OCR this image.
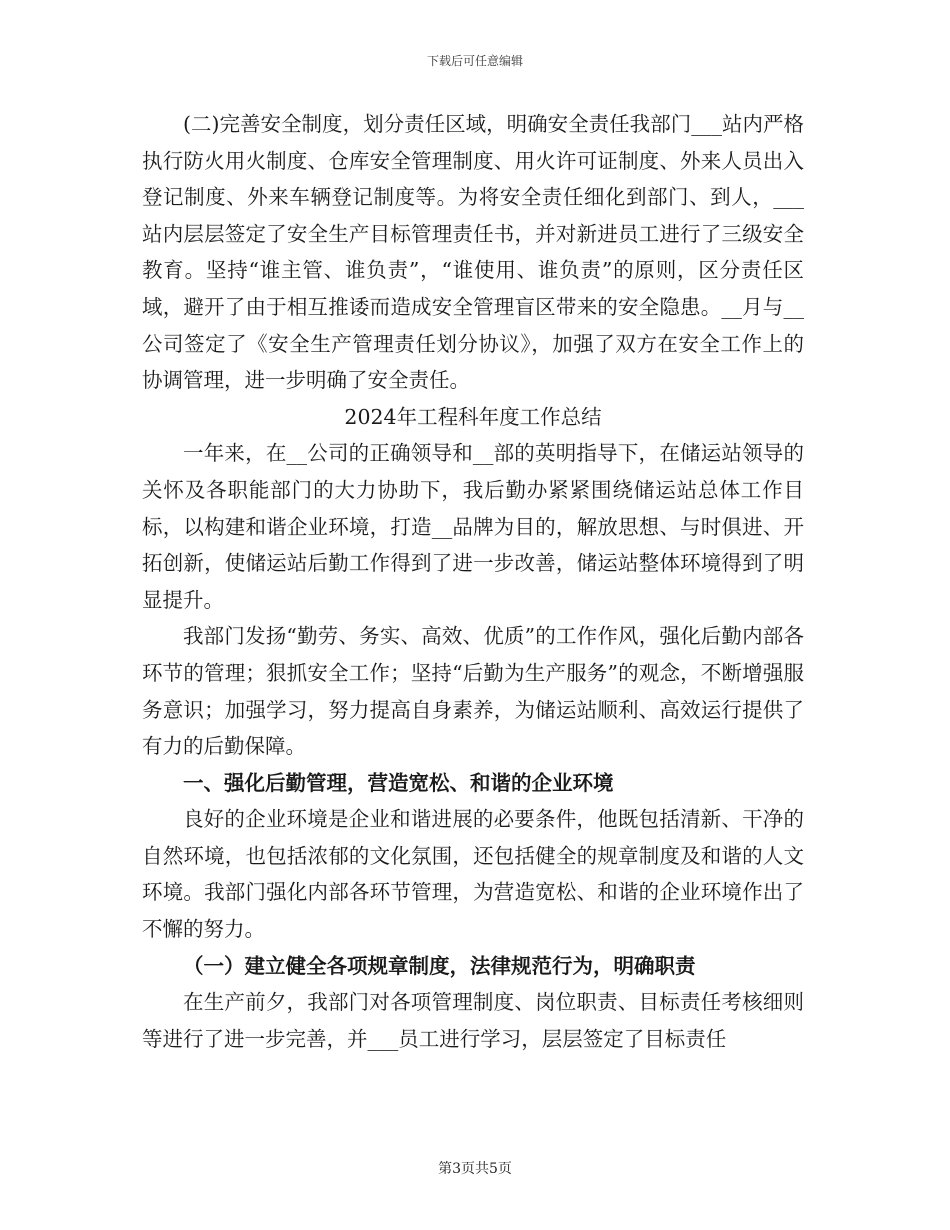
下载后可任意编辑

(二)完善安全制度，划分责任区域，明确安全责任我部门___站内严格执行防火用火制度、仓库安全管理制度、用火许可证制度、外来人员出入登记制度、外来车辆登记制度等。为将安全责任细化到部门、到人，___站内层层签定了安全生产目标管理责任书，并对新进员工进行了三级安全教育。坚持“谁主管、谁负责”，“谁使用、谁负责”的原则，区分责任区域，避开了由于相互推诿而造成安全管理盲区带来的安全隐患。__月与__公司签定了《安全生产管理责任划分协议》，加强了双方在安全工作上的协调管理，进一步明确了安全责任。

2024年工程科年度工作总结

一年来，在__公司的正确领导和__部的英明指导下，在储运站领导的关怀及各职能部门的大力协助下，我后勤办紧紧围绕储运站总体工作目标，以构建和谐企业环境，打造__品牌为目的，解放思想、与时俱进、开拓创新，使储运站后勤工作得到了进一步改善，储运站整体环境得到了明显提升。

我部门发扬“勤劳、务实、高效、优质”的工作作风，强化后勤内部各环节的管理；狠抓安全工作；坚持“后勤为生产服务”的观念，不断增强服务意识；加强学习，努力提高自身素养，为储运站顺利、高效运行提供了有力的后勤保障。

一、强化后勤管理，营造宽松、和谐的企业环境

良好的企业环境是企业和谐进展的必要条件，他既包括清新、干净的自然环境，也包括浓郁的文化氛围，还包括健全的规章制度及和谐的人文环境。我部门强化内部各环节管理，为营造宽松、和谐的企业环境作出了不懈的努力。

（一）建立健全各项规章制度，法律规范行为，明确职责

在生产前夕，我部门对各项管理制度、岗位职责、目标责任考核细则等进行了进一步完善，并___员工进行学习，层层签定了目标责任

第3页共5页
